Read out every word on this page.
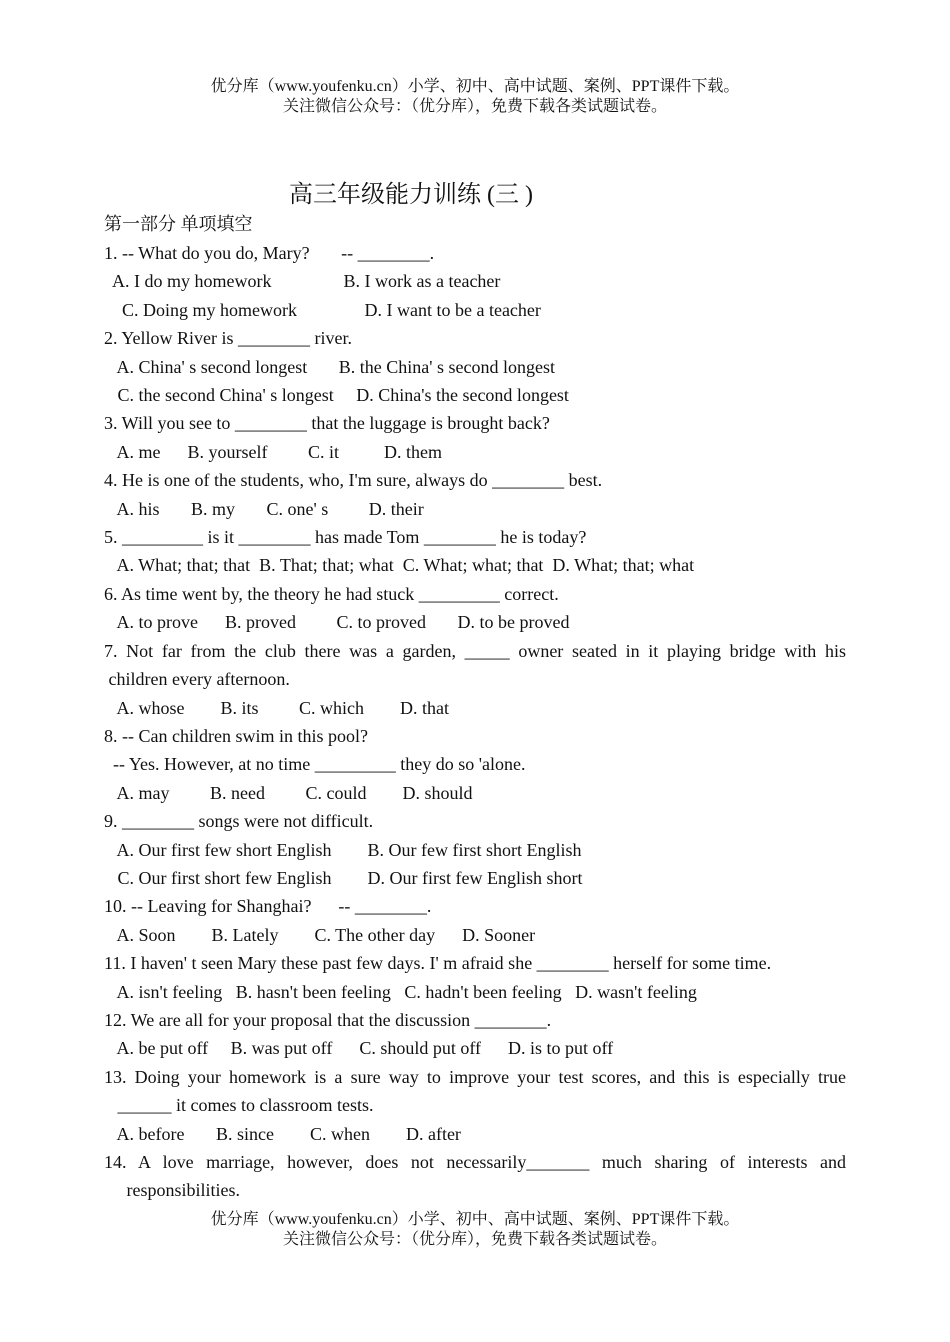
优分库（www.youfenku.cn）小学、初中、高中试题、案例、PPT课件下载。
关注微信公众号：（优分库），免费下载各类试题试卷。
高三年级能力训练 (三 )
第一部分 单项填空
1. -- What do you do, Mary?       -- ________.
A. I do my homework                B. I work as a teacher
C. Doing my homework               D. I want to be a teacher
2. Yellow River is ________ river.
A. China' s second longest       B. the China' s second longest
C. the second China' s longest     D. China's the second longest
3. Will you see to ________ that the luggage is brought back?
A. me      B. yourself         C. it          D. them
4. He is one of the students, who, I'm sure, always do ________ best.
A. his       B. my       C. one' s         D. their
5. _________ is it ________ has made Tom ________ he is today?
A. What; that; that  B. That; that; what  C. What; what; that  D. What; that; what
6. As time went by, the theory he had stuck _________ correct.
A. to prove      B. proved         C. to proved       D. to be proved
7. Not far from the club there was a garden, _____ owner seated in it playing bridge with his
children every afternoon.
A. whose        B. its         C. which        D. that
8. -- Can children swim in this pool?
-- Yes. However, at no time _________ they do so 'alone.
A. may         B. need         C. could        D. should
9. ________ songs were not difficult.
A. Our first few short English        B. Our few first short English
C. Our first short few English        D. Our first few English short
10. -- Leaving for Shanghai?      -- ________.
A. Soon        B. Lately        C. The other day      D. Sooner
11. I haven' t seen Mary these past few days. I' m afraid she ________ herself for some time.
A. isn't feeling   B. hasn't been feeling   C. hadn't been feeling   D. wasn't feeling
12. We are all for your proposal that the discussion ________.
A. be put off     B. was put off      C. should put off      D. is to put off
13. Doing your homework is a sure way to improve your test scores, and this is especially true
______ it comes to classroom tests.
A. before       B. since        C. when        D. after
14. A love marriage, however, does not necessarily_______ much sharing of interests and
responsibilities.
优分库（www.youfenku.cn）小学、初中、高中试题、案例、PPT课件下载。
关注微信公众号：（优分库），免费下载各类试题试卷。
